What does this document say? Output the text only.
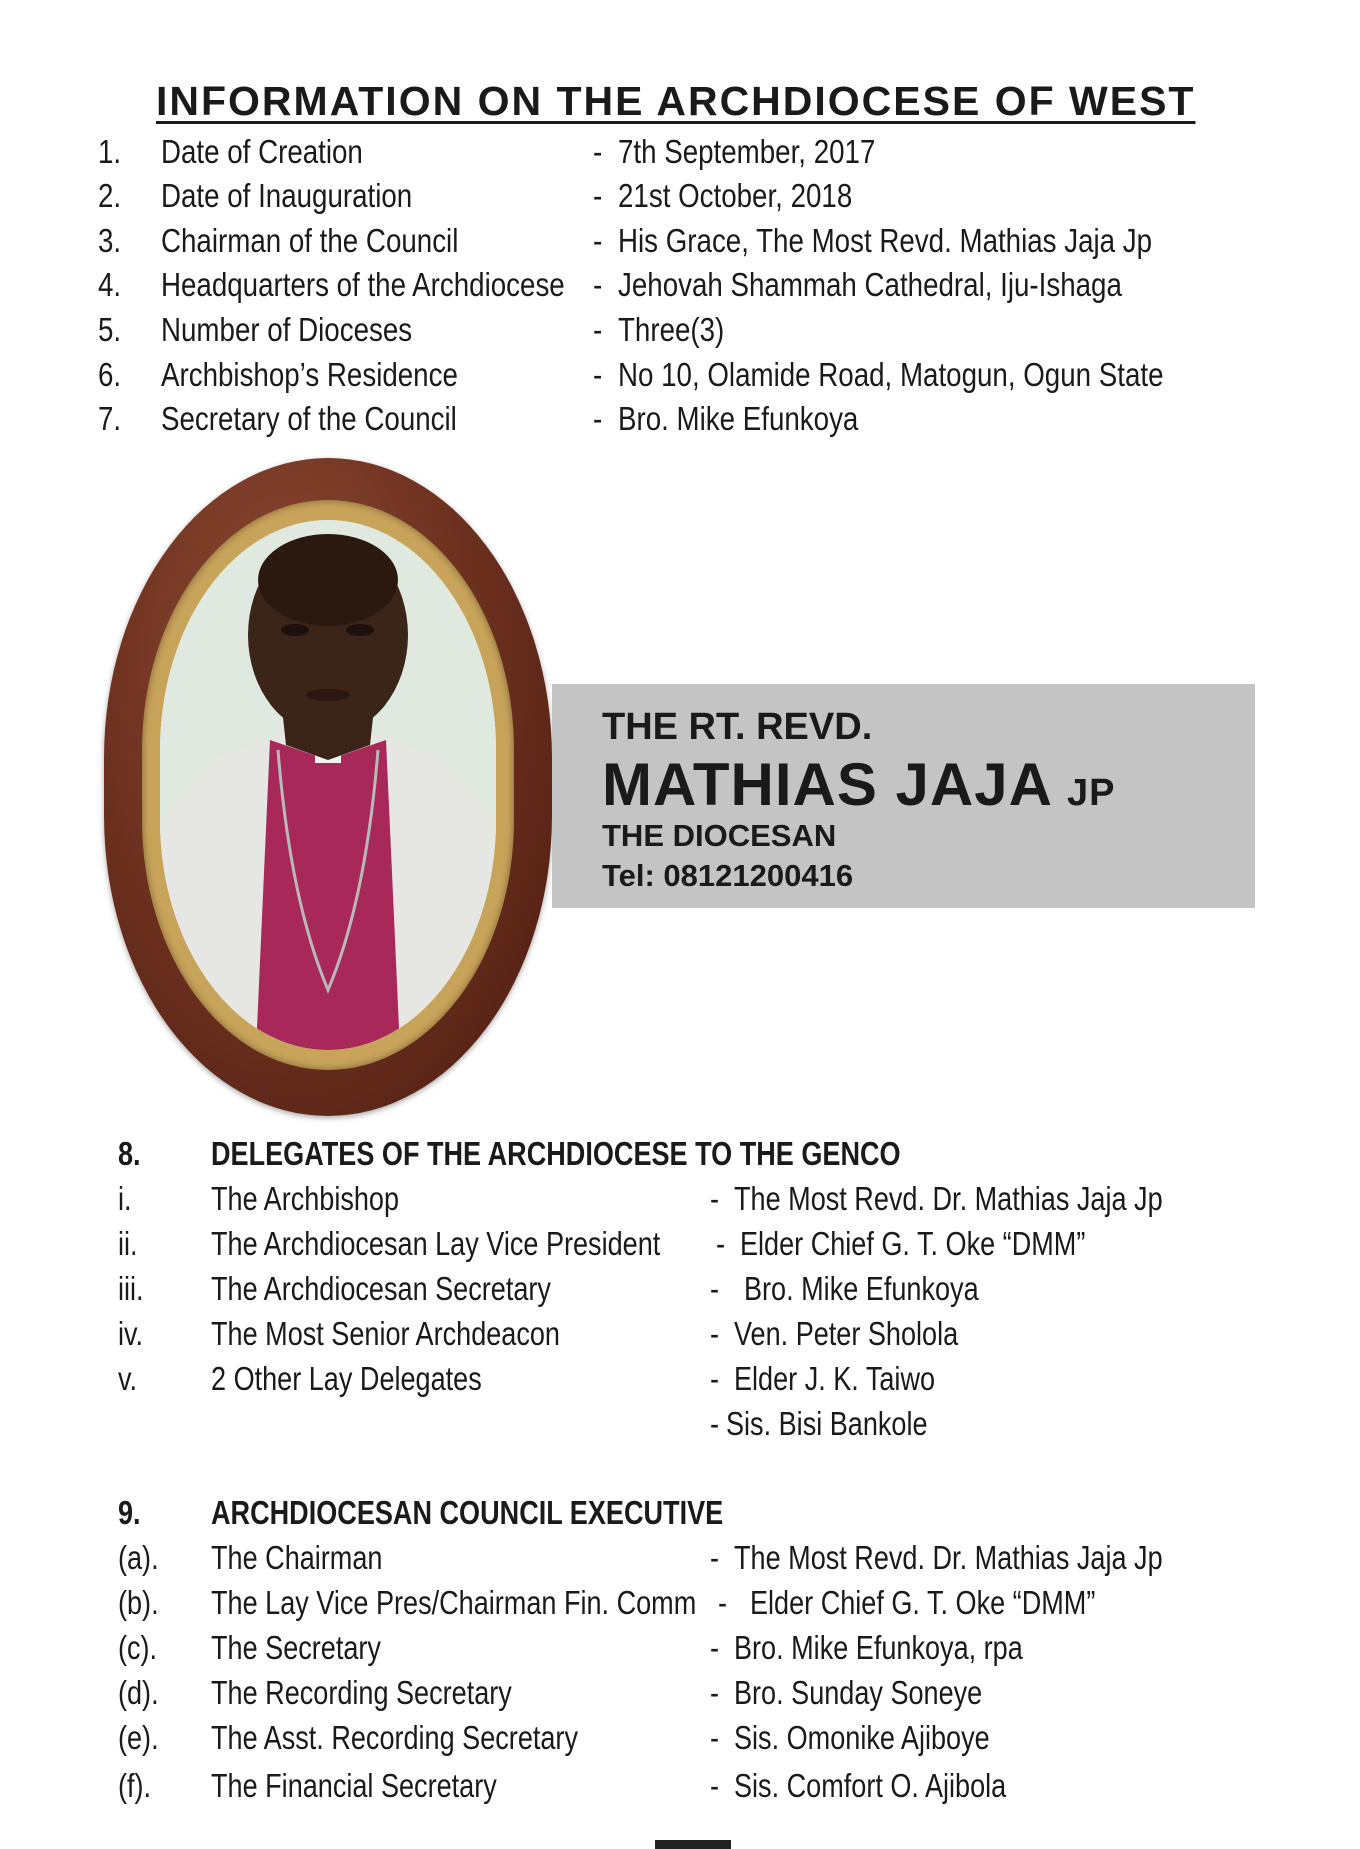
INFORMATION ON THE ARCHDIOCESE OF WEST
1. Date of Creation	- 7th September, 2017
2. Date of Inauguration	- 21st October, 2018
3. Chairman of the Council	- His Grace, The Most Revd. Mathias Jaja Jp
4. Headquarters of the Archdiocese - Jehovah Shammah Cathedral, Iju-Ishaga
5. Number of Dioceses	- Three(3)
6. Archbishop’s Residence	- No 10, Olamide Road, Matogun, Ogun State
7. Secretary of the Council	- Bro. Mike Efunkoya
THE RT. REVD.
MATHIAS JAJA JP
THE DIOCESAN
Tel: 08121200416
8. DELEGATES OF THE ARCHDIOCESE TO THE GENCO
i. The Archbishop	- The Most Revd. Dr. Mathias Jaja Jp
ii. The Archdiocesan Lay Vice President - Elder Chief G. T. Oke “DMM”
iii. The Archdiocesan Secretary	- Bro. Mike Efunkoya
iv. The Most Senior Archdeacon	- Ven. Peter Sholola
v. 2 Other Lay Delegates	- Elder J. K. Taiwo
- Sis. Bisi Bankole
9. ARCHDIOCESAN COUNCIL EXECUTIVE
(a). The Chairman	- The Most Revd. Dr. Mathias Jaja Jp
(b). The Lay Vice Pres/Chairman Fin. Comm - Elder Chief G. T. Oke “DMM”
(c). The Secretary	- Bro. Mike Efunkoya, rpa
(d). The Recording Secretary	- Bro. Sunday Soneye
(e). The Asst. Recording Secretary	- Sis. Omonike Ajiboye
(f). The Financial Secretary	- Sis. Comfort O. Ajibola
